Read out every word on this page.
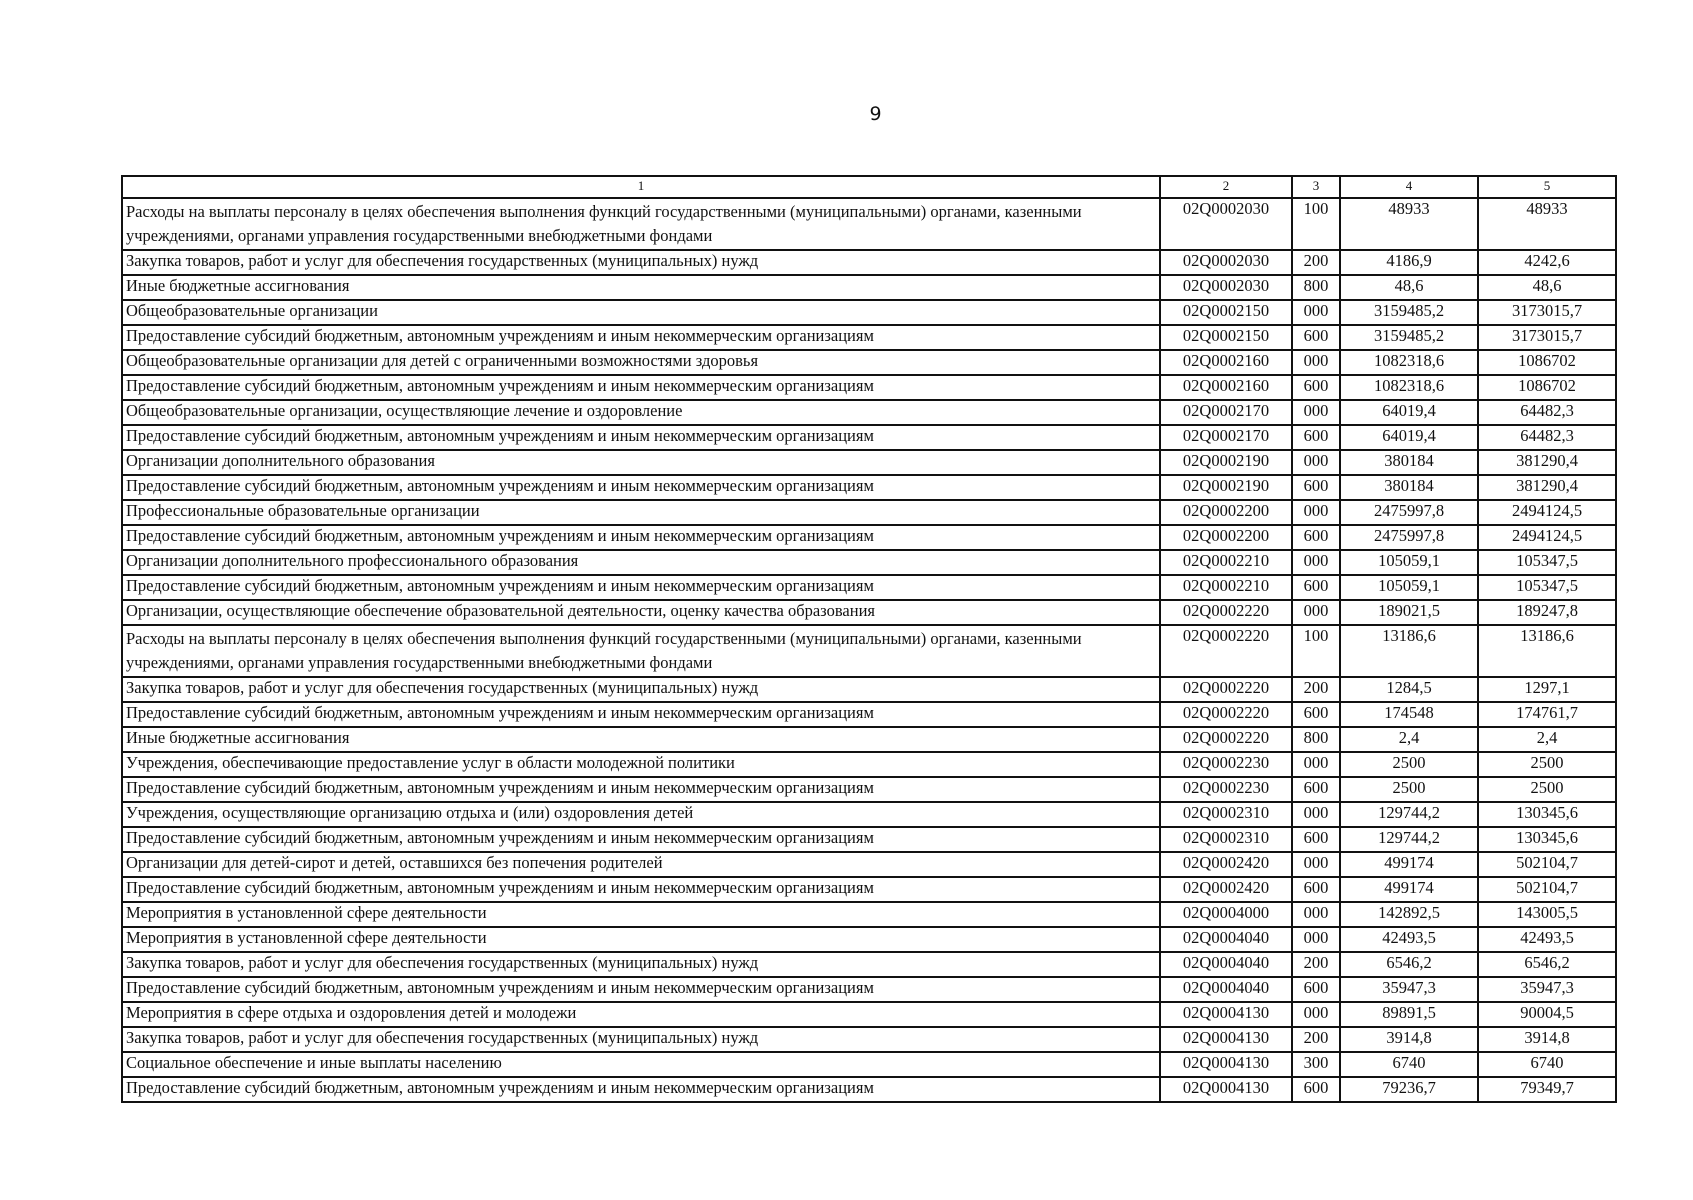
9
1	2	3	4	5
Расходы на выплаты персоналу в целях обеспечения выполнения функций государственными (муниципальными) органами, казенными учреждениями, органами управления государственными внебюджетными фондами	02Q0002030	100	48933	48933
Закупка товаров, работ и услуг для обеспечения государственных (муниципальных) нужд	02Q0002030	200	4186,9	4242,6
Иные бюджетные ассигнования	02Q0002030	800	48,6	48,6
Общеобразовательные организации	02Q0002150	000	3159485,2	3173015,7
Предоставление субсидий бюджетным, автономным учреждениям и иным некоммерческим организациям	02Q0002150	600	3159485,2	3173015,7
Общеобразовательные организации для детей с ограниченными возможностями здоровья	02Q0002160	000	1082318,6	1086702
Предоставление субсидий бюджетным, автономным учреждениям и иным некоммерческим организациям	02Q0002160	600	1082318,6	1086702
Общеобразовательные организации, осуществляющие лечение и оздоровление	02Q0002170	000	64019,4	64482,3
Предоставление субсидий бюджетным, автономным учреждениям и иным некоммерческим организациям	02Q0002170	600	64019,4	64482,3
Организации дополнительного образования	02Q0002190	000	380184	381290,4
Предоставление субсидий бюджетным, автономным учреждениям и иным некоммерческим организациям	02Q0002190	600	380184	381290,4
Профессиональные образовательные организации	02Q0002200	000	2475997,8	2494124,5
Предоставление субсидий бюджетным, автономным учреждениям и иным некоммерческим организациям	02Q0002200	600	2475997,8	2494124,5
Организации дополнительного профессионального образования	02Q0002210	000	105059,1	105347,5
Предоставление субсидий бюджетным, автономным учреждениям и иным некоммерческим организациям	02Q0002210	600	105059,1	105347,5
Организации, осуществляющие обеспечение образовательной деятельности, оценку качества образования	02Q0002220	000	189021,5	189247,8
Расходы на выплаты персоналу в целях обеспечения выполнения функций государственными (муниципальными) органами, казенными учреждениями, органами управления государственными внебюджетными фондами	02Q0002220	100	13186,6	13186,6
Закупка товаров, работ и услуг для обеспечения государственных (муниципальных) нужд	02Q0002220	200	1284,5	1297,1
Предоставление субсидий бюджетным, автономным учреждениям и иным некоммерческим организациям	02Q0002220	600	174548	174761,7
Иные бюджетные ассигнования	02Q0002220	800	2,4	2,4
Учреждения, обеспечивающие предоставление услуг в области молодежной политики	02Q0002230	000	2500	2500
Предоставление субсидий бюджетным, автономным учреждениям и иным некоммерческим организациям	02Q0002230	600	2500	2500
Учреждения, осуществляющие организацию отдыха и (или) оздоровления детей	02Q0002310	000	129744,2	130345,6
Предоставление субсидий бюджетным, автономным учреждениям и иным некоммерческим организациям	02Q0002310	600	129744,2	130345,6
Организации для детей-сирот и детей, оставшихся без попечения родителей	02Q0002420	000	499174	502104,7
Предоставление субсидий бюджетным, автономным учреждениям и иным некоммерческим организациям	02Q0002420	600	499174	502104,7
Мероприятия в установленной сфере деятельности	02Q0004000	000	142892,5	143005,5
Мероприятия в установленной сфере деятельности	02Q0004040	000	42493,5	42493,5
Закупка товаров, работ и услуг для обеспечения государственных (муниципальных) нужд	02Q0004040	200	6546,2	6546,2
Предоставление субсидий бюджетным, автономным учреждениям и иным некоммерческим организациям	02Q0004040	600	35947,3	35947,3
Мероприятия в сфере отдыха и оздоровления детей и молодежи	02Q0004130	000	89891,5	90004,5
Закупка товаров, работ и услуг для обеспечения государственных (муниципальных) нужд	02Q0004130	200	3914,8	3914,8
Социальное обеспечение и иные выплаты населению	02Q0004130	300	6740	6740
Предоставление субсидий бюджетным, автономным учреждениям и иным некоммерческим организациям	02Q0004130	600	79236,7	79349,7
